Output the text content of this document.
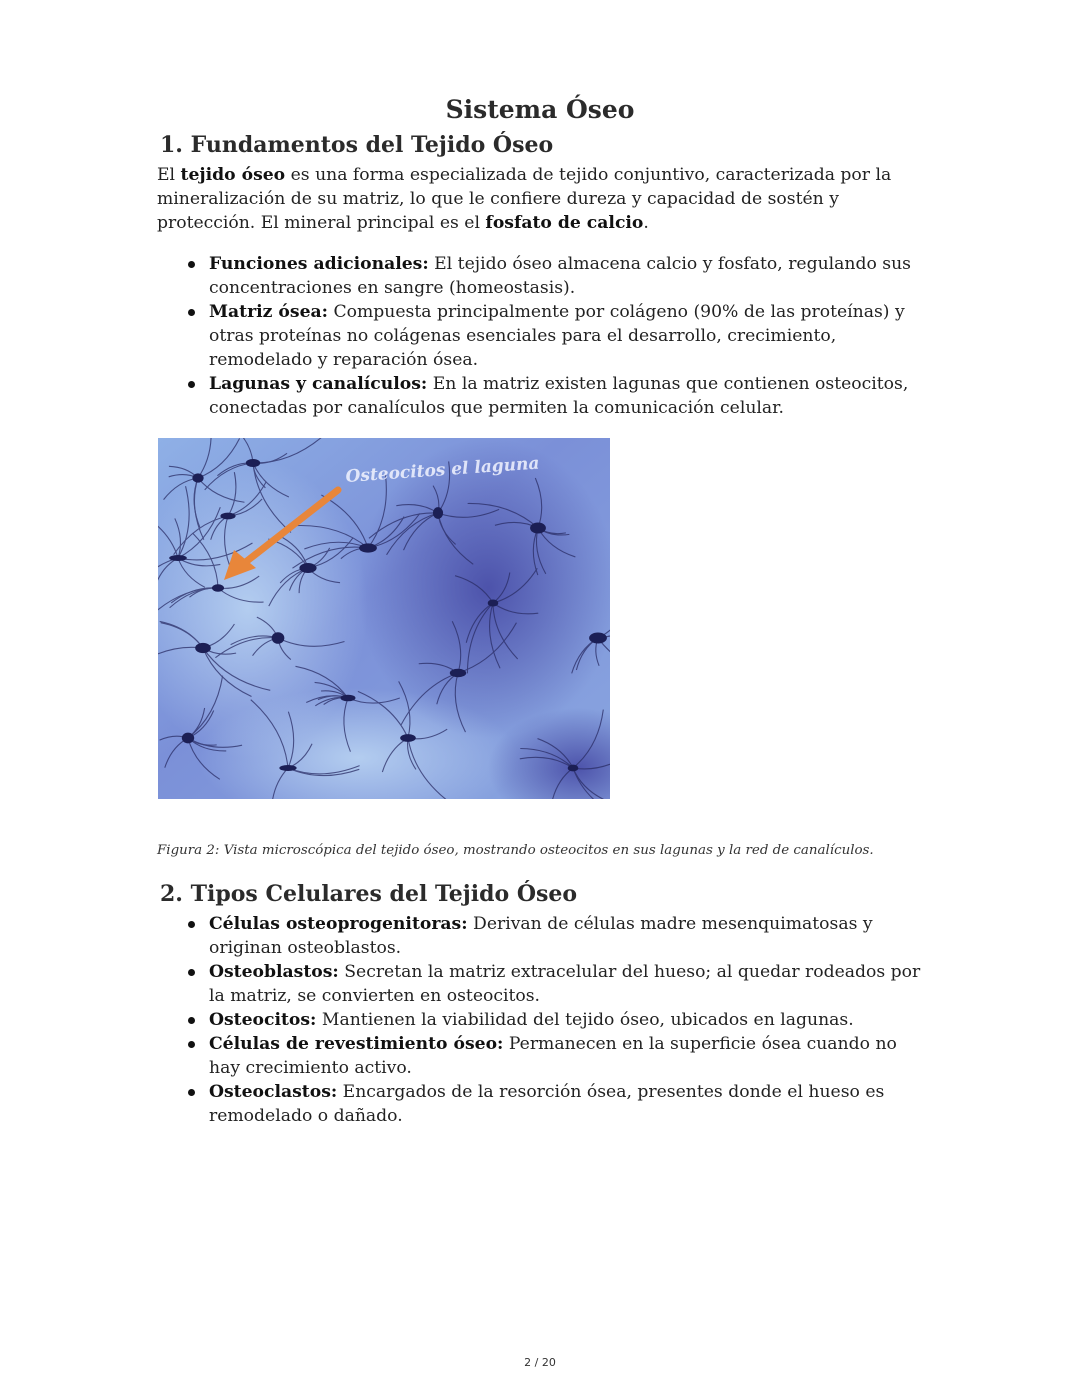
Sistema Óseo
1. Fundamentos del Tejido Óseo

El tejido óseo es una forma especializada de tejido conjuntivo, caracterizada por la mineralización de su matriz, lo que le confiere dureza y capacidad de sostén y protección. El mineral principal es el fosfato de calcio.

Funciones adicionales: El tejido óseo almacena calcio y fosfato, regulando sus concentraciones en sangre (homeostasis).
Matriz ósea: Compuesta principalmente por colágeno (90% de las proteínas) y otras proteínas no colágenas esenciales para el desarrollo, crecimiento, remodelado y reparación ósea.
Lagunas y canalículos: En la matriz existen lagunas que contienen osteocitos, conectadas por canalículos que permiten la comunicación celular.
Osteocitos el laguna

Figura 2: Vista microscópica del tejido óseo, mostrando osteocitos en sus lagunas y la red de canalículos.

2. Tipos Celulares del Tejido Óseo
Células osteoprogenitoras: Derivan de células madre mesenquimatosas y originan osteoblastos.
Osteoblastos: Secretan la matriz extracelular del hueso; al quedar rodeados por la matriz, se convierten en osteocitos.
Osteocitos: Mantienen la viabilidad del tejido óseo, ubicados en lagunas.
Células de revestimiento óseo: Permanecen en la superficie ósea cuando no hay crecimiento activo.
Osteoclastos: Encargados de la resorción ósea, presentes donde el hueso es remodelado o dañado.
2 / 20
